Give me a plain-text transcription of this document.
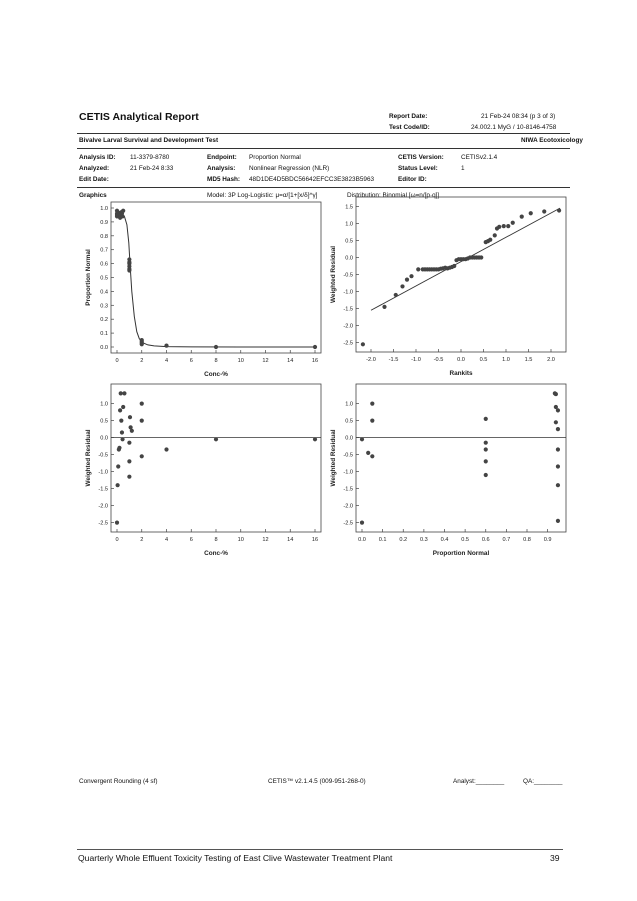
CETIS Analytical Report	Report Date:	21 Feb-24 08:34 (p 3 of 3)
Test Code/ID:	24.002.1 MyG / 10-8146-4758
Bivalve Larval Survival and Development Test	NIWA Ecotoxicology
Analysis ID: 11-3379-8780
Analyzed:	21 Feb-24 8:33
Edit Date:
Endpoint: Proportion Normal
Analysis: Nonlinear Regression (NLR)
MD5 Hash: 48D1DE4D5BDC56642EFCC3E3823B5963
CETIS Version:	CETISv2.1.4
Status Level:	1
Editor ID:
Graphics	Model: 3P Log-Logistic: μ=α/[1+[x/δ]^γ]	Distribution: Binomial [ω=n/[p·q]]
0.0
0.1
0.2
0.3
0.4
0.5
0.6
0.7
0.8
0.9
1.0
0	2	4	6	8	10	12	14	16
Conc-%
Proportion Normal
-2.5
-2.0
-1.5
-1.0
-0.5
0.0
0.5
1.0
1.5
-2.0 -1.5 -1.0 -0.5 0.0	0.5	1.0	1.5	2.0
Rankits
Weighted Residual
-2.5
-2.0
-1.5
-1.0
-0.5
0.0
0.5
1.0
0	2	4	6	8	10	12	14	16
Conc-%
Weighted Residual
-2.5
-2.0
-1.5
-1.0
-0.5
0.0
0.5
1.0
0.0 0.1 0.2 0.3 0.4 0.5 0.6 0.7 0.8 0.9
Proportion Normal
Weighted Residual
Convergent Rounding (4 sf)	CETIS™ v2.1.4.5 (009-951-268-0)	Analyst:________	QA:________
Quarterly Whole Effluent Toxicity Testing of East Clive Wastewater Treatment Plant	39
